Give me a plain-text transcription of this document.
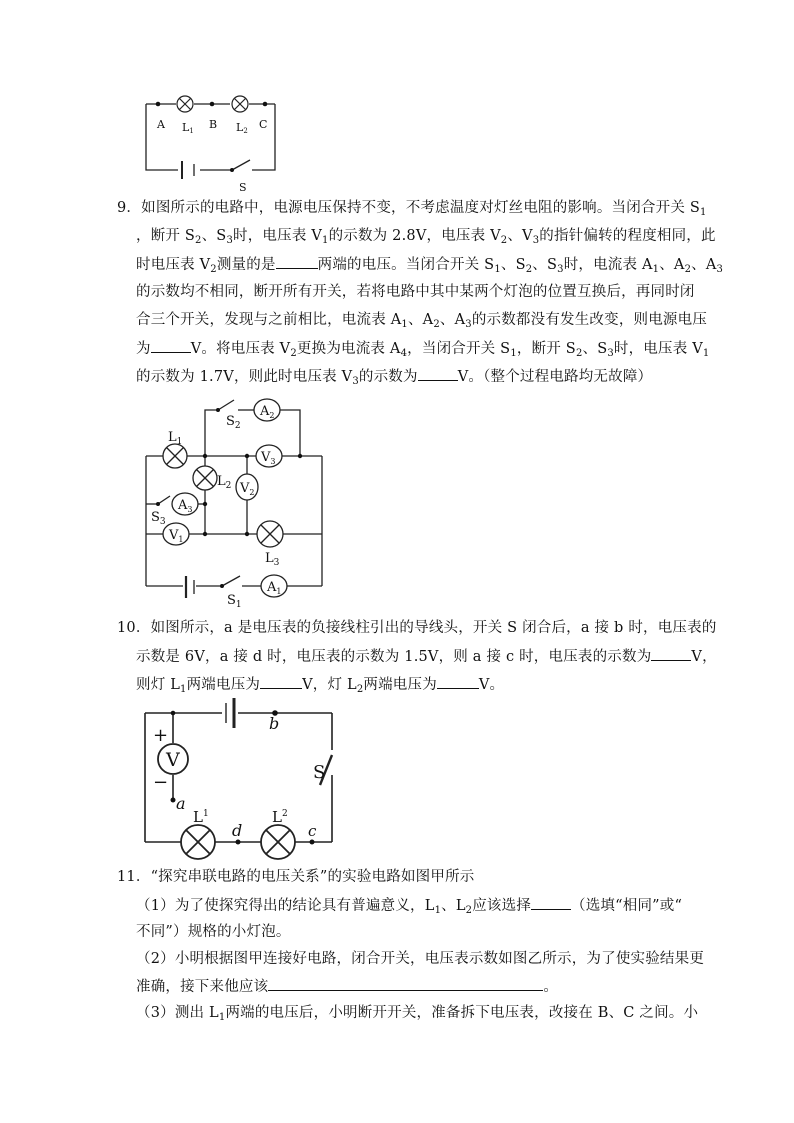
A L1 B L2 C
S
9．如图所示的电路中，电源电压保持不变，不考虑温度对灯丝电阻的影响。当闭合开关 $S_1$
，断开 $S_2$、$S_3$时，电压表 $V_1$的示数为 2.8V，电压表 $V_2$、$V_3$的指针偏转的程度相同，此
时电压表 $V_2$测量的是	两端的电压。当闭合开关 $S_1$、$S_2$、$S_3$时，电流表 $A_1$、$A_2$、$A_3$
的示数均不相同，断开所有开关，若将电路中其中某两个灯泡的位置互换后，再同时闭
合三个开关，发现与之前相比，电流表 $A_1$、$A_2$、$A_3$的示数都没有发生改变，则电源电压
为	V。将电压表 $V_2$更换为电流表 $A_4$，当闭合开关 $S_1$，断开 $S_2$、$S_3$时，电压表 $V_1$
的示数为 1.7V，则此时电压表 $V_3$的示数为	V。（整个过程电路均无故障）
$A_2$
$V_3$
$V_2$
$A_3$
$V_1$
$A_1$
$L_1$
$L_2$
$L_3$
$S_2$
$S_3$
$S_1$
10．如图所示，a 是电压表的负接线柱引出的导线头，开关 S 闭合后，a 接 b 时，电压表的
示数是 6V，a 接 d 时，电压表的示数为 1.5V，则 a 接 c 时，电压表的示数为	V，
则灯 $L_1$两端电压为	V，灯 $L_2$两端电压为	V。
V
+
−
a
b
d	c
S
$L^1$	$L^2$
11．“探究串联电路的电压关系”的实验电路如图甲所示
（1）为了使探究得出的结论具有普遍意义，$L_1$、$L_2$应该选择	（选填“相同”或“
不同”）规格的小灯泡。
（2）小明根据图甲连接好电路，闭合开关，电压表示数如图乙所示，为了使实验结果更
准确，接下来他应该	。
（3）测出 $L_1$两端的电压后，小明断开开关，准备拆下电压表，改接在 B、C 之间。小
